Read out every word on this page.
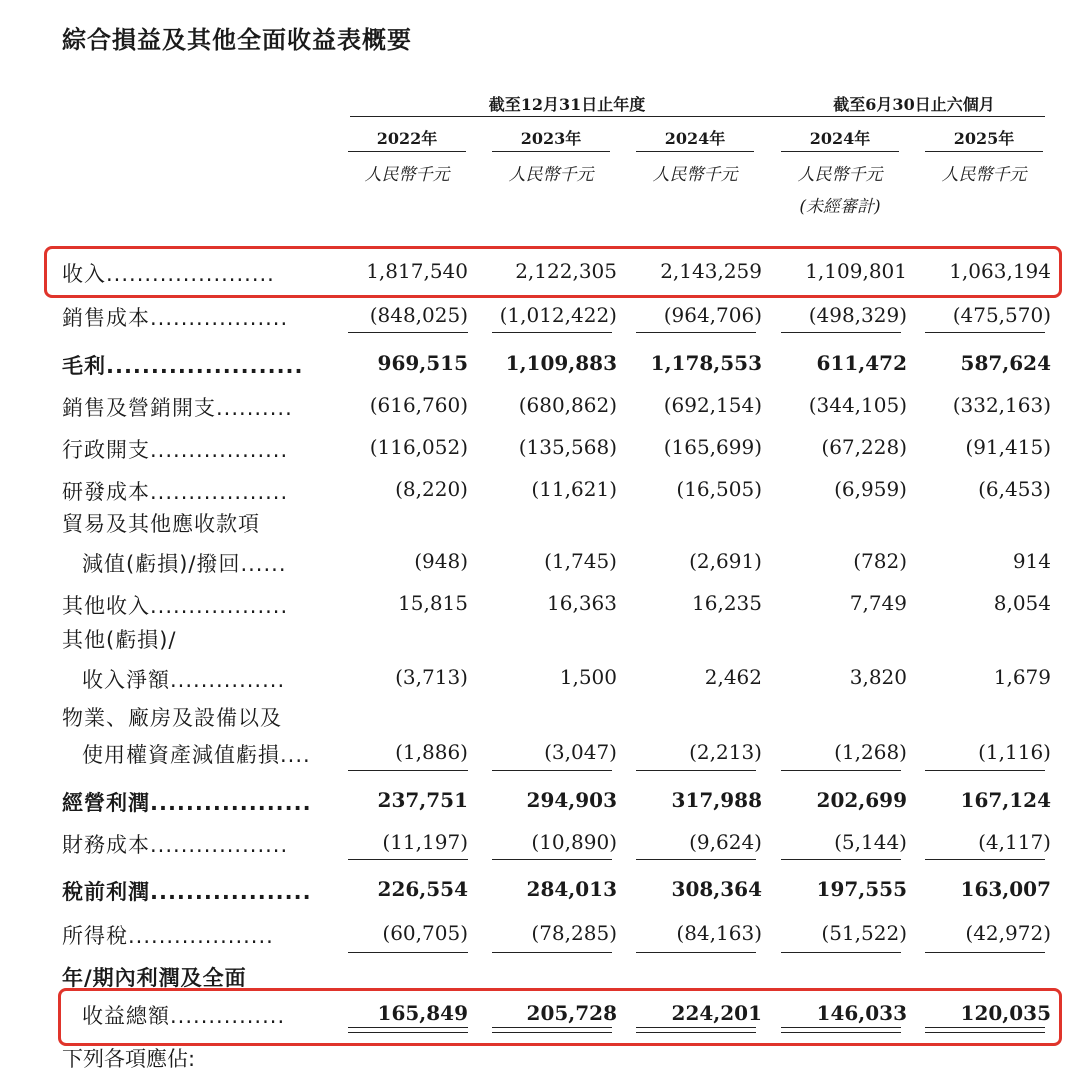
綜合損益及其他全面收益表概要
截至12月31日止年度	截至6月30日止六個月
2022年	2023年	2024年	2024年	2025年
人民幣千元	人民幣千元	人民幣千元	人民幣千元	人民幣千元
(未經審計)
收入......................	1,817,540	2,122,305	2,143,259	1,109,801	1,063,194
銷售成本..................	(848,025)	(1,012,422)	(964,706)	(498,329)	(475,570)
毛利......................	969,515	1,109,883	1,178,553	611,472	587,624
銷售及營銷開支..........	(616,760)	(680,862)	(692,154)	(344,105)	(332,163)
行政開支..................	(116,052)	(135,568)	(165,699)	(67,228)	(91,415)
研發成本..................	(8,220)	(11,621)	(16,505)	(6,959)	(6,453)
貿易及其他應收款項
減值(虧損)/撥回......	(948)	(1,745)	(2,691)	(782)	914
其他收入..................	15,815	16,363	16,235	7,749	8,054
其他(虧損)/
收入淨額...............	(3,713)	1,500	2,462	3,820	1,679
物業、廠房及設備以及
使用權資產減值虧損....	(1,886)	(3,047)	(2,213)	(1,268)	(1,116)
經營利潤..................	237,751	294,903	317,988	202,699	167,124
財務成本..................	(11,197)	(10,890)	(9,624)	(5,144)	(4,117)
稅前利潤..................	226,554	284,013	308,364	197,555	163,007
所得稅...................	(60,705)	(78,285)	(84,163)	(51,522)	(42,972)
年/期內利潤及全面
收益總額...............	165,849	205,728	224,201	146,033	120,035
下列各項應佔:
